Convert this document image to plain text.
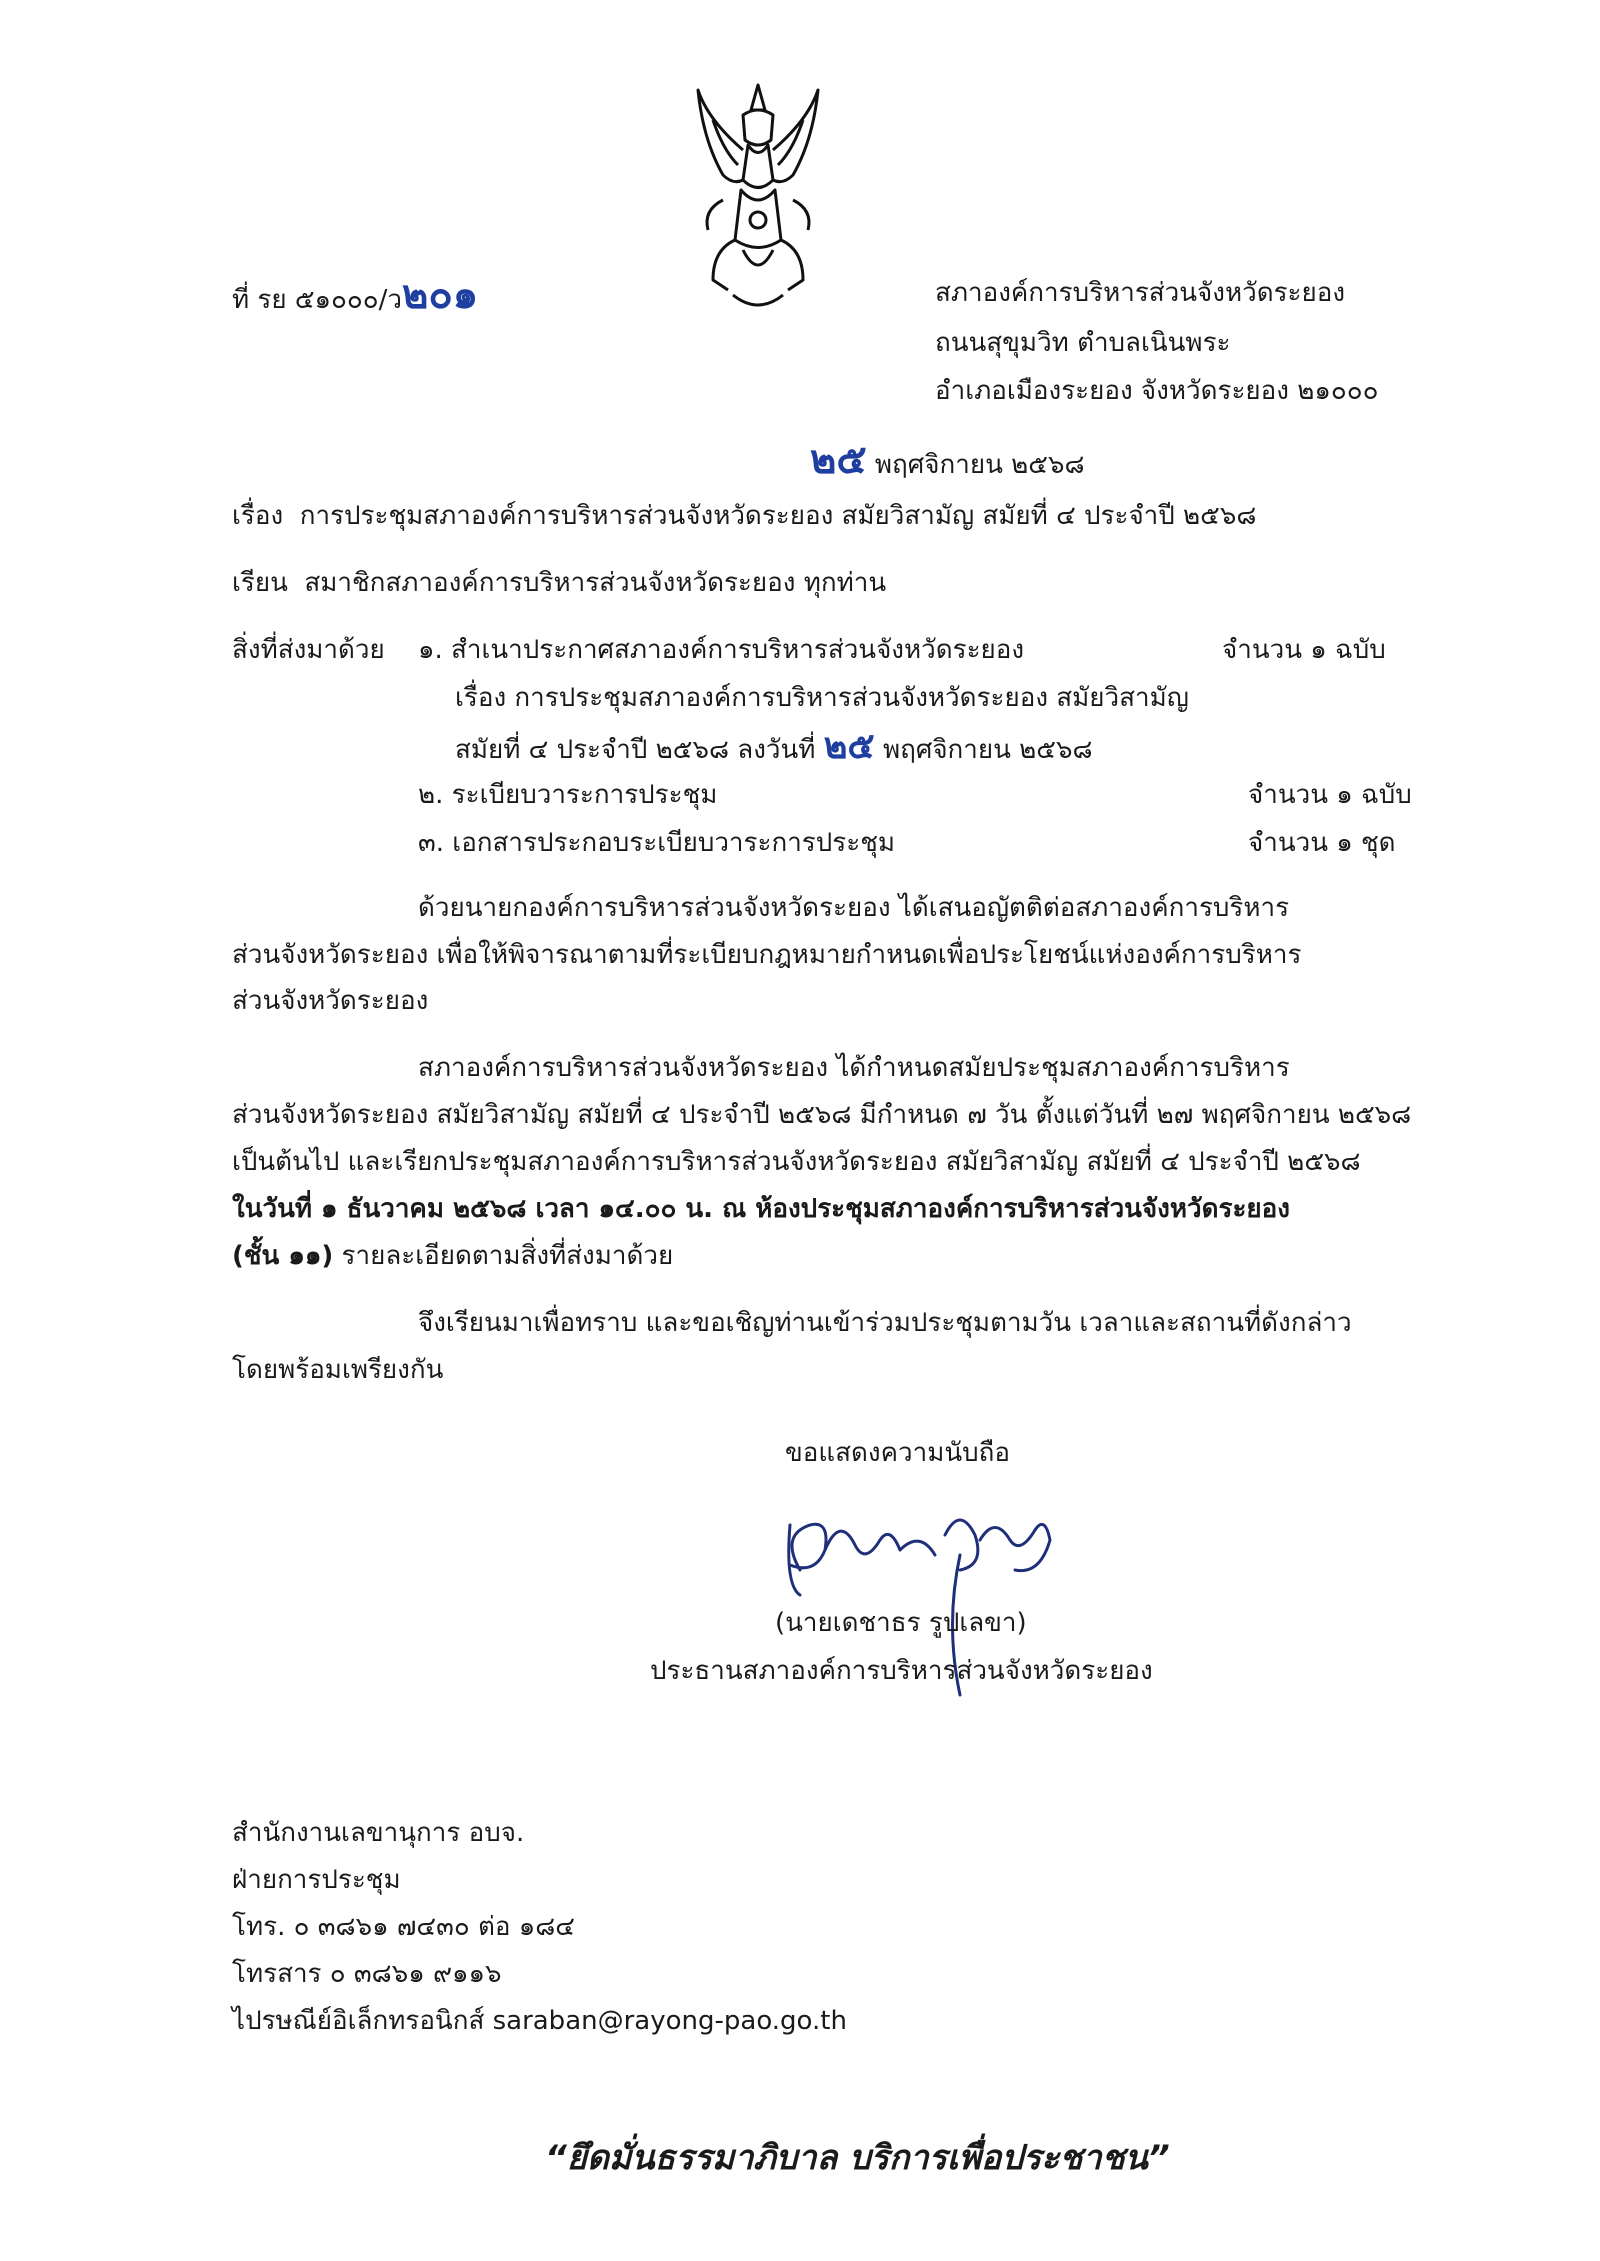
ที่ รย ๕๑๐๐๐/ว๒๐๑	สภาองค์การบริหารส่วนจังหวัดระยอง
ถนนสุขุมวิท ตำบลเนินพระ
อำเภอเมืองระยอง จังหวัดระยอง ๒๑๐๐๐
๒๕ พฤศจิกายน ๒๕๖๘
เรื่อง การประชุมสภาองค์การบริหารส่วนจังหวัดระยอง สมัยวิสามัญ สมัยที่ ๔ ประจำปี ๒๕๖๘
เรียน สมาชิกสภาองค์การบริหารส่วนจังหวัดระยอง ทุกท่าน
สิ่งที่ส่งมาด้วย ๑. สำเนาประกาศสภาองค์การบริหารส่วนจังหวัดระยอง	จำนวน ๑ ฉบับ
เรื่อง การประชุมสภาองค์การบริหารส่วนจังหวัดระยอง สมัยวิสามัญ
สมัยที่ ๔ ประจำปี ๒๕๖๘ ลงวันที่ ๒๕ พฤศจิกายน ๒๕๖๘
๒. ระเบียบวาระการประชุม	จำนวน ๑ ฉบับ
๓. เอกสารประกอบระเบียบวาระการประชุม	จำนวน ๑ ชุด
ด้วยนายกองค์การบริหารส่วนจังหวัดระยอง ได้เสนอญัตติต่อสภาองค์การบริหาร
ส่วนจังหวัดระยอง เพื่อให้พิจารณาตามที่ระเบียบกฎหมายกำหนดเพื่อประโยชน์แห่งองค์การบริหาร
ส่วนจังหวัดระยอง
สภาองค์การบริหารส่วนจังหวัดระยอง ได้กำหนดสมัยประชุมสภาองค์การบริหาร
ส่วนจังหวัดระยอง สมัยวิสามัญ สมัยที่ ๔ ประจำปี ๒๕๖๘ มีกำหนด ๗ วัน ตั้งแต่วันที่ ๒๗ พฤศจิกายน ๒๕๖๘
เป็นต้นไป และเรียกประชุมสภาองค์การบริหารส่วนจังหวัดระยอง สมัยวิสามัญ สมัยที่ ๔ ประจำปี ๒๕๖๘
ในวันที่ ๑ ธันวาคม ๒๕๖๘ เวลา ๑๔.๐๐ น. ณ ห้องประชุมสภาองค์การบริหารส่วนจังหวัดระยอง
(ชั้น ๑๑) รายละเอียดตามสิ่งที่ส่งมาด้วย
จึงเรียนมาเพื่อทราบ และขอเชิญท่านเข้าร่วมประชุมตามวัน เวลาและสถานที่ดังกล่าว
โดยพร้อมเพรียงกัน
ขอแสดงความนับถือ
(นายเดชาธร รูปเลขา)
ประธานสภาองค์การบริหารส่วนจังหวัดระยอง
สำนักงานเลขานุการ อบจ.
ฝ่ายการประชุม
โทร. ๐ ๓๘๖๑ ๗๔๓๐ ต่อ ๑๘๔
โทรสาร ๐ ๓๘๖๑ ๙๑๑๖
ไปรษณีย์อิเล็กทรอนิกส์ saraban@rayong-pao.go.th
“ยึดมั่นธรรมาภิบาล บริการเพื่อประชาชน”
